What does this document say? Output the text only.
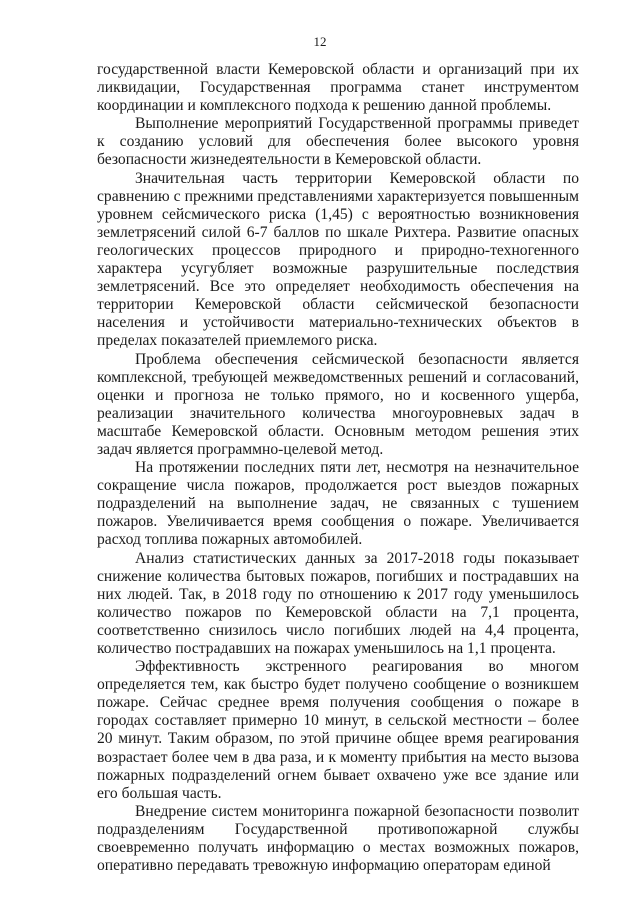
12

государственной власти Кемеровской области и организаций при их ликвидации, Государственная программа станет инструментом координации и комплексного подхода к решению данной проблемы.

Выполнение мероприятий Государственной программы приведет к созданию условий для обеспечения более высокого уровня безопасности жизнедеятельности в Кемеровской области.

Значительная часть территории Кемеровской области по сравнению с прежними представлениями характеризуется повышенным уровнем сейсмического риска (1,45) с вероятностью возникновения землетрясений силой 6-7 баллов по шкале Рихтера. Развитие опасных геологических процессов природного и природно-техногенного характера усугубляет возможные разрушительные последствия землетрясений. Все это определяет необходимость обеспечения на территории Кемеровской области сейсмической безопасности населения и устойчивости материально-технических объектов в пределах показателей приемлемого риска.

Проблема обеспечения сейсмической безопасности является комплексной, требующей межведомственных решений и согласований, оценки и прогноза не только прямого, но и косвенного ущерба, реализации значительного количества многоуровневых задач в масштабе Кемеровской области. Основным методом решения этих задач является программно-целевой метод.

На протяжении последних пяти лет, несмотря на незначительное сокращение числа пожаров, продолжается рост выездов пожарных подразделений на выполнение задач, не связанных с тушением пожаров. Увеличивается время сообщения о пожаре. Увеличивается расход топлива пожарных автомобилей.

Анализ статистических данных за 2017-2018 годы показывает снижение количества бытовых пожаров, погибших и пострадавших на них людей. Так, в 2018 году по отношению к 2017 году уменьшилось количество пожаров по Кемеровской области на 7,1 процента, соответственно снизилось число погибших людей на 4,4 процента, количество пострадавших на пожарах уменьшилось на 1,1 процента.

Эффективность экстренного реагирования во многом определяется тем, как быстро будет получено сообщение о возникшем пожаре. Сейчас среднее время получения сообщения о пожаре в городах составляет примерно 10 минут, в сельской местности – более 20 минут. Таким образом, по этой причине общее время реагирования возрастает более чем в два раза, и к моменту прибытия на место вызова пожарных подразделений огнем бывает охвачено уже все здание или его большая часть.

Внедрение систем мониторинга пожарной безопасности позволит подразделениям Государственной противопожарной службы своевременно получать информацию о местах возможных пожаров, оперативно передавать тревожную информацию операторам единой
